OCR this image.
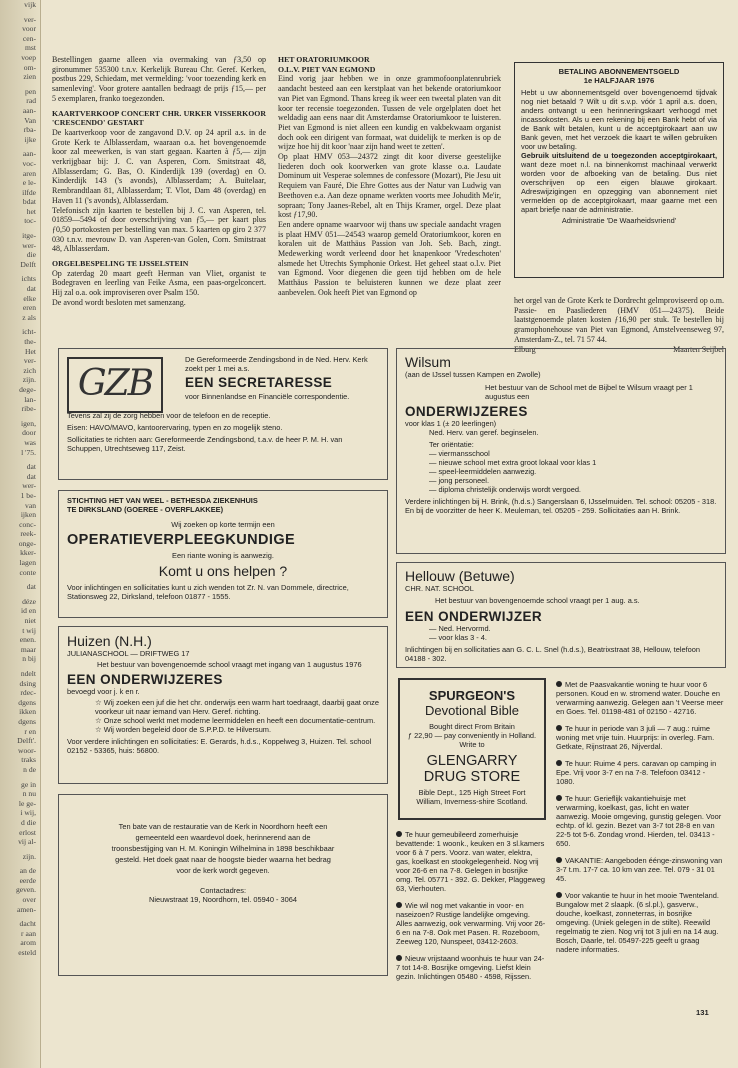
vijk
ver-
voor
cen-
mst
voep
om-
zien
pen
rad
aan-
Van
rba-
ijke
aan-
voc-
aren
e le-
ilfde
bdat
het
toc-
itge-
wer-
die
Delft
ichts
dat
elke
eren
z als
icht-
the-
Het
ver-
zich
zijn.
dege-
lan-
ribe-
igen,
door
was
l '75.
dat
dat
wer-
1 be-
van
ijken
conc-
reek-
onge-
kker-
lagen
conte
dat
déze
id en
niet
t wij
enen.
maar
n bij
ndelt
dsing
rdec-
dgens
ikken
dgens
r en
Delft'.
woor-
traks
n de
ge in
n nu
le ge-
i wij,
d die
erlost
vij al-
zijn.
an de
eerde
geven.
over
amen-
dacht
r aan
arom
esteld

Bestellingen gaarne alleen via overmaking van ƒ3,50 op gironummer 535300 t.n.v. Kerkelijk Bureau Chr. Geref. Kerken, postbus 229, Schiedam, met vermelding: 'voor toezending kerk en samenleving'. Voor grotere aantallen bedraagt de prijs ƒ15,— per 5 exemplaren, franko toegezonden.

KAARTVERKOOP CONCERT CHR. URKER VISSERKOOR 'CRESCENDO' GESTART

De kaartverkoop voor de zangavond D.V. op 24 april a.s. in de Grote Kerk te Alblasserdam, waaraan o.a. het bovengenoemde koor zal meewerken, is van start gegaan. Kaarten à ƒ5,— zijn verkrijgbaar bij: J. C. van Asperen, Corn. Smitstraat 48, Alblasserdam; G. Bas, O. Kinderdijk 139 (overdag) en O. Kinderdijk 143 ('s avonds), Alblasserdam; A. Buitelaar, Rembrandtlaan 81, Alblasserdam; T. Vlot, Dam 48 (overdag) en Haven 11 ('s avonds), Alblasserdam.

Telefonisch zijn kaarten te bestellen bij J. C. van Asperen, tel. 01859—5494 of door overschrijving van ƒ5,— per kaart plus ƒ0,50 portokosten per bestelling van max. 5 kaarten op giro 2 377 030 t.n.v. mevrouw D. van Asperen-van Golen, Corn. Smitstraat 48, Alblasserdam.

ORGELBESPELING TE IJSSELSTEIN

Op zaterdag 20 maart geeft Herman van Vliet, organist te Bodegraven en leerling van Feike Asma, een paas-orgelconcert. Hij zal o.a. ook improviseren over Psalm 150.

De avond wordt besloten met samenzang.

HET ORATORIUMKOOR
O.L.V. PIET VAN EGMOND

Eind vorig jaar hebben we in onze grammofoonplatenrubriek aandacht besteed aan een kerstplaat van het bekende oratoriumkoor van Piet van Egmond. Thans kreeg ik weer een tweetal platen van dit koor ter recensie toegezonden. Tussen de vele orgelplaten doet het weldadig aan eens naar dit Amsterdamse Oratoriumkoor te luisteren. Piet van Egmond is niet alleen een kundig en vakbekwaam organist doch ook een dirigent van formaat, wat duidelijk te merken is op de wijze hoe hij dit koor 'naar zijn hand weet te zetten'.

Op plaat HMV 053—24372 zingt dit koor diverse geestelijke liederen doch ook koorwerken van grote klasse o.a. Laudate Dominum uit Vesperae solemnes de confessore (Mozart), Pie Jesu uit Requiem van Fauré, Die Ehre Gottes aus der Natur van Ludwig van Beethoven e.a. Aan deze opname werkten voorts mee Johudith Me'ir, sopraan; Tony Jaanes-Rebel, alt en Thijs Kramer, orgel. Deze plaat kost ƒ17,90.

Een andere opname waarvoor wij thans uw speciale aandacht vragen is plaat HMV 051—24543 waarop gemeld Oratoriumkoor, koren en koralen uit de Matthäus Passion van Joh. Seb. Bach, zingt. Medewerking wordt verleend door het knapenkoor 'Vredeschoten' alsmede het Utrechts Symphonie Orkest. Het geheel staat o.l.v. Piet van Egmond. Voor diegenen die geen tijd hebben om de hele Matthäus Passion te beluisteren kunnen we deze plaat zeer aanbevelen. Ook heeft Piet van Egmond op

BETALING ABONNEMENTSGELD
1e HALFJAAR 1976

Hebt u uw abonnementsgeld over bovengenoemd tijdvak nog niet betaald ? Wilt u dit s.v.p. vóór 1 april a.s. doen, anders ontvangt u een herinneringskaart verhoogd met incassokosten. Als u een rekening bij een Bank hebt of via de Bank wilt betalen, kunt u de acceptgirokaart aan uw Bank geven, met het verzoek die kaart te willen gebruiken voor uw betaling.

Gebruik uitsluitend de u toegezonden acceptgirokaart, want deze moet n.l. na binnenkomst machinaal verwerkt worden voor de afboeking van de betaling. Dus niet overschrijven op een eigen blauwe girokaart. Adreswijzigingen en opzegging van abonnement niet vermelden op de acceptgirokaart, maar gaarne met een apart briefje naar de administratie.

Administratie 'De Waarheidsvriend'

het orgel van de Grote Kerk te Dordrecht gelmproviseerd op o.m. Passie- en Paasliederen (HMV 051—24375). Beide laatstgenoemde platen kosten ƒ16,90 per stuk. Te bestellen bij gramophonehouse van Piet van Egmond, Amstelveenseweg 97, Amsterdam-Z., tel. 71 57 44.

Elburg	Maarten Seijbel
GZB
De Gereformeerde Zendingsbond in de Ned. Herv. Kerk zoekt per 1 mei a.s.
EEN SECRETARESSE
voor Binnenlandse en Financiële correspondentie.
Tevens zal zij de zorg hebben voor de telefoon en de receptie.
Eisen: HAVO/MAVO, kantoorervaring, typen en zo mogelijk steno.
Sollicitaties te richten aan: Gereformeerde Zendingsbond, t.a.v. de heer P. M. H. van Schuppen, Utrechtseweg 117, Zeist.
STICHTING HET VAN WEEL - BETHESDA ZIEKENHUIS
TE DIRKSLAND (GOEREE - OVERFLAKKEE)
Wij zoeken op korte termijn een
OPERATIEVERPLEEGKUNDIGE
Een riante woning is aanwezig.
Komt u ons helpen ?
Voor inlichtingen en sollicitaties kunt u zich wenden tot Zr. N. van Dommele, directrice, Stationsweg 22, Dirksland, telefoon 01877 - 1555.
Huizen (N.H.)
JULIANASCHOOL — DRIFTWEG 17
Het bestuur van bovengenoemde school vraagt met ingang van 1 augustus 1976
EEN ONDERWIJZERES
bevoegd voor j. k en r.
☆ Wij zoeken een juf die het chr. onderwijs een warm hart toedraagt, daarbij gaat onze voorkeur uit naar iemand van Herv. Geref. richting.
☆ Onze school werkt met moderne leermiddelen en heeft een documentatie-centrum.
☆ Wij worden begeleid door de S.P.P.D. te Hilversum.
Voor verdere inlichtingen en sollicitaties: E. Gerards, h.d.s., Koppelweg 3, Huizen. Tel. school 02152 - 53365, huis: 56800.
Ten bate van de restauratie van de Kerk in Noordhorn heeft een gemeenteld een waardevol doek, herinnerend aan de troonsbestijging van H. M. Koningin Wilhelmina in 1898 beschikbaar gesteld. Het doek gaat naar de hoogste bieder waarna het bedrag voor de kerk wordt gegeven.
Contactadres:
Nieuwstraat 19, Noordhorn, tel. 05940 - 3064
Wilsum
(aan de IJssel tussen Kampen en Zwolle)
Het bestuur van de School met de Bijbel te Wilsum vraagt per 1 augustus een
ONDERWIJZERES
voor klas 1 (± 20 leerlingen)
Ned. Herv. van geref. beginselen.
Ter oriëntatie:
— viermansschool
— nieuwe school met extra groot lokaal voor klas 1
— speel-leermiddelen aanwezig.
— jong personeel.
— diploma christelijk onderwijs wordt vergoed.
Verdere inlichtingen bij H. Brink, (h.d.s.) Sangerslaan 6, IJsselmuiden. Tel. school: 05205 - 318. En bij de voorzitter de heer K. Meuleman, tel. 05205 - 259. Sollicitaties aan H. Brink.
Hellouw (Betuwe)
CHR. NAT. SCHOOL
Het bestuur van bovengenoemde school vraagt per 1 aug. a.s.
EEN ONDERWIJZER
— Ned. Hervormd.
— voor klas 3 - 4.
Inlichtingen bij en sollicitaties aan G. C. L. Snel (h.d.s.), Beatrixstraat 38, Hellouw, telefoon 04188 - 302.
SPURGEON'S
Devotional Bible
Bought direct From Britain
ƒ 22,90 — pay conveniently in Holland. Write to
GLENGARRY
DRUG STORE
Bible Dept., 125 High Street Fort William, Inverness-shire Scotland.
Te huur gemeubileerd zomerhuisje bevattende: 1 woonk., keuken en 3 sl.kamers voor 6 à 7 pers. Voorz. van water, elektra, gas, koelkast en stookgelegenheid. Nog vrij voor 26-6 en na 7-8. Gelegen in bosrijke omg. Tel. 05771 - 392. G. Dekker, Plaggeweg 63, Vierhouten.
Wie wil nog met vakantie in voor- en naseizoen? Rustige landelijke omgeving. Alles aanwezig, ook verwarming. Vrij voor 26-6 en na 7-8. Ook met Pasen. R. Rozeboom, Zeeweg 120, Nunspeet, 03412-2603.
Nieuw vrijstaand woonhuis te huur van 24-7 tot 14-8. Bosrijke omgeving. Liefst klein gezin. Inlichtingen 05480 - 4598, Rijssen.
Met de Paasvakantie woning te huur voor 6 personen. Koud en w. stromend water. Douche en verwarming aanwezig. Gelegen aan 't Veerse meer en Goes. Tel. 01198-481 of 02150 - 42716.
Te huur in periode van 3 juli — 7 aug.: ruime woning met vrije tuin. Huurprijs: in overleg. Fam. Getkate, Rijnstraat 26, Nijverdal.
Te huur: Ruime 4 pers. caravan op camping in Epe. Vrij voor 3-7 en na 7-8. Telefoon 03412 - 1080.
Te huur: Gerieflijk vakantiehuisje met verwarming, koelkast, gas, licht en water aanwezig. Mooie omgeving, gunstig gelegen. Voor echtp. of kl. gezin. Bezet van 3-7 tot 28-8 en van 22-5 tot 5-6. Zondag vrond. Hierden, tel. 03413 - 650.
VAKANTIE: Aangeboden éénge-zinswoning van 3-7 t.m. 17-7 ca. 10 km van zee. Tel. 079 - 31 01 45.
Voor vakantie te huur in het mooie Twenteland. Bungalow met 2 slaapk. (6 sl.pl.), gasverw., douche, koelkast, zonneterras, in bosrijke omgeving. (Uniek gelegen in de stilte). Reewild regelmatig te zien. Nog vrij tot 3 juli en na 14 aug. Bosch, Daarle, tel. 05497-225 geeft u graag nadere informaties.
131
